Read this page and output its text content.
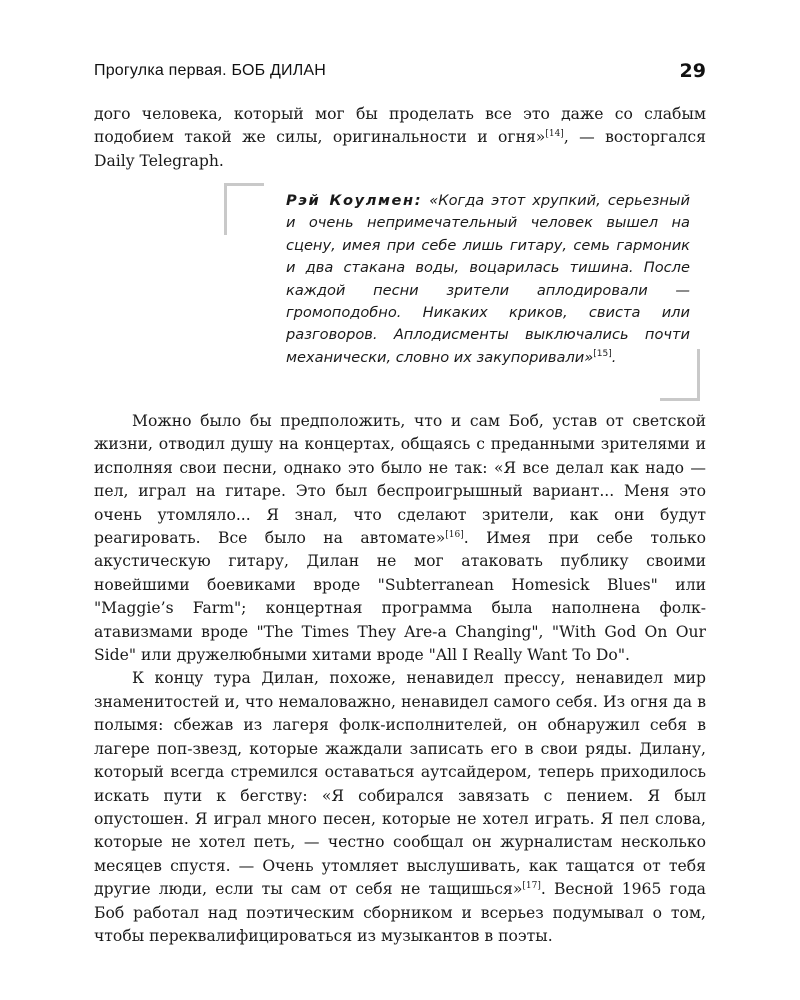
Прогулка первая. БОБ ДИЛАН	29

дого человека, который мог бы проделать все это даже со слабым подобием такой же силы, оригинальности и огня»[14], — восторгался Daily Telegraph.

Рэй Коулмен: «Когда этот хрупкий, серьезный и очень непримечательный человек вышел на сцену, имея при себе лишь гитару, семь гармоник и два стакана воды, воцарилась тишина. После каждой песни зрители аплодировали — громоподобно. Никаких криков, свиста или разговоров. Аплодисменты выключались почти механически, словно их закупоривали»[15].

Можно было бы предположить, что и сам Боб, устав от светской жизни, отводил душу на концертах, общаясь с преданными зрителями и исполняя свои песни, однако это было не так: «Я все делал как надо — пел, играл на гитаре. Это был беспроигрышный вариант... Меня это очень утомляло... Я знал, что сделают зрители, как они будут реагировать. Все было на автомате»[16]. Имея при себе только акустическую гитару, Дилан не мог атаковать публику своими новейшими боевиками вроде "Subterranean Homesick Blues" или "Maggie’s Farm"; концертная программа была наполнена фолк-атавизмами вроде "The Times They Are-a Changing", "With God On Our Side" или дружелюбными хитами вроде "All I Really Want To Do".

К концу тура Дилан, похоже, ненавидел прессу, ненавидел мир знаменитостей и, что немаловажно, ненавидел самого себя. Из огня да в полымя: сбежав из лагеря фолк-исполнителей, он обнаружил себя в лагере поп-звезд, которые жаждали записать его в свои ряды. Дилану, который всегда стремился оставаться аутсайдером, теперь приходилось искать пути к бегству: «Я собирался завязать с пением. Я был опустошен. Я играл много песен, которые не хотел играть. Я пел слова, которые не хотел петь, — честно сообщал он журналистам несколько месяцев спустя. — Очень утомляет выслушивать, как тащатся от тебя другие люди, если ты сам от себя не тащишься»[17]. Весной 1965 года Боб работал над поэтическим сборником и всерьез подумывал о том, чтобы переквалифицироваться из музыкантов в поэты.
